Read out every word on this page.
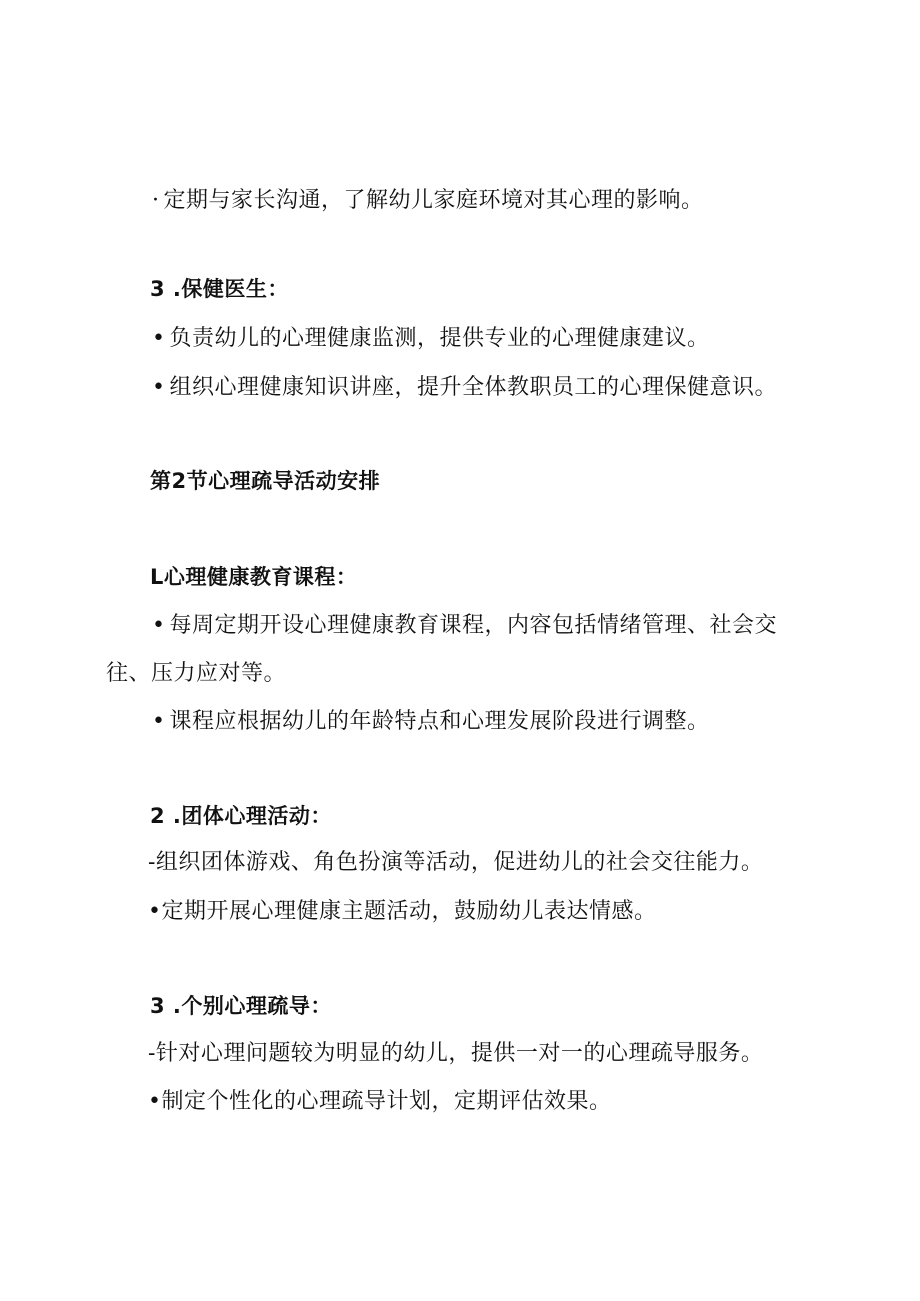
· 定期与家长沟通，了解幼儿家庭环境对其心理的影响。
3 .保健医生：
• 负责幼儿的心理健康监测，提供专业的心理健康建议。
• 组织心理健康知识讲座，提升全体教职员工的心理保健意识。
第2节心理疏导活动安排
L心理健康教育课程：
• 每周定期开设心理健康教育课程，内容包括情绪管理、社会交
往、压力应对等。
• 课程应根据幼儿的年龄特点和心理发展阶段进行调整。
2 .团体心理活动：
-组织团体游戏、角色扮演等活动，促进幼儿的社会交往能力。
•定期开展心理健康主题活动，鼓励幼儿表达情感。
3 .个别心理疏导：
-针对心理问题较为明显的幼儿，提供一对一的心理疏导服务。
•制定个性化的心理疏导计划，定期评估效果。
